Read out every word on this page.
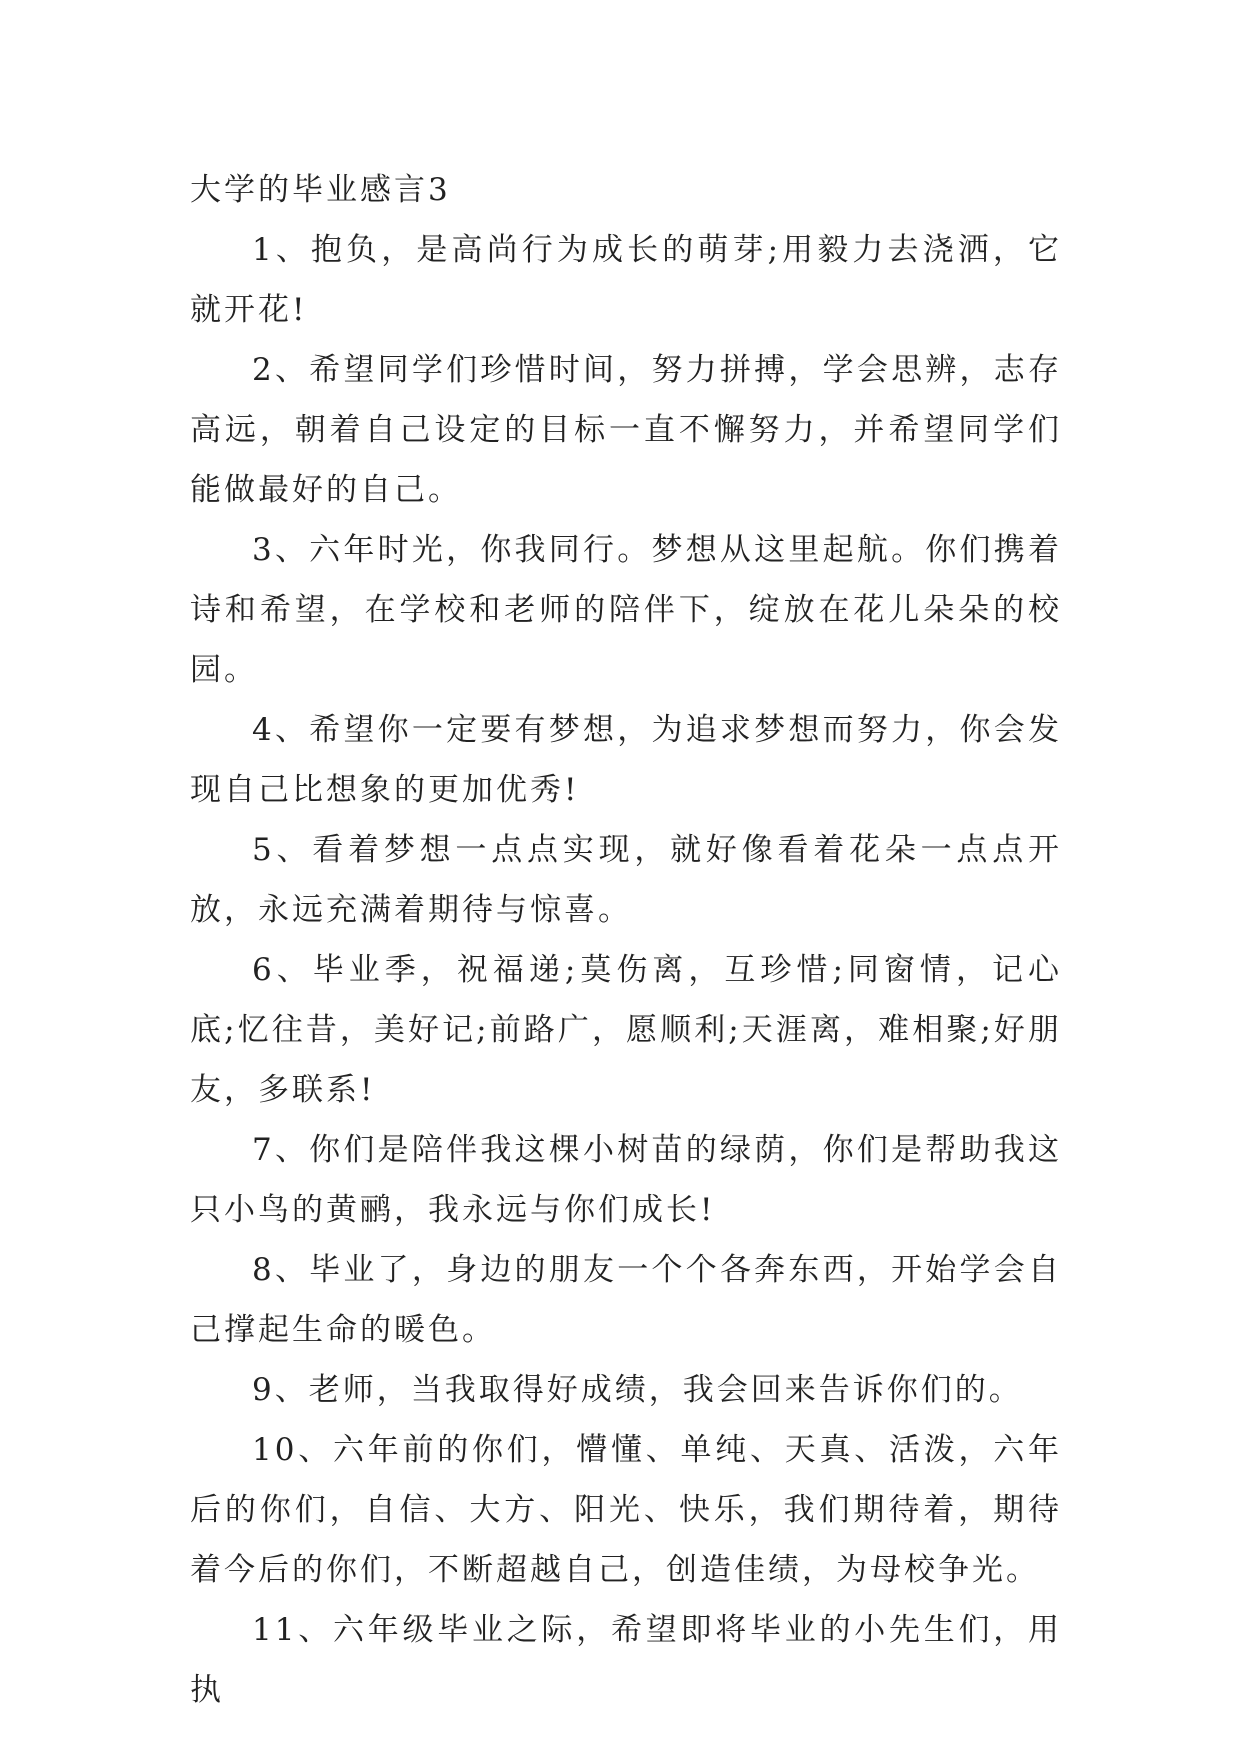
大学的毕业感言3

1、抱负，是高尚行为成长的萌芽;用毅力去浇洒，它就开花!

2、希望同学们珍惜时间，努力拼搏，学会思辨，志存高远，朝着自己设定的目标一直不懈努力，并希望同学们能做最好的自己。

3、六年时光，你我同行。梦想从这里起航。你们携着诗和希望，在学校和老师的陪伴下，绽放在花儿朵朵的校园。

4、希望你一定要有梦想，为追求梦想而努力，你会发现自己比想象的更加优秀!

5、看着梦想一点点实现，就好像看着花朵一点点开放，永远充满着期待与惊喜。

6、毕业季，祝福递;莫伤离，互珍惜;同窗情，记心底;忆往昔，美好记;前路广，愿顺利;天涯离，难相聚;好朋友，多联系!

7、你们是陪伴我这棵小树苗的绿荫，你们是帮助我这只小鸟的黄鹂，我永远与你们成长!

8、毕业了，身边的朋友一个个各奔东西，开始学会自己撑起生命的暖色。

9、老师，当我取得好成绩，我会回来告诉你们的。

10、六年前的你们，懵懂、单纯、天真、活泼，六年后的你们，自信、大方、阳光、快乐，我们期待着，期待着今后的你们，不断超越自己，创造佳绩，为母校争光。

11、六年级毕业之际，希望即将毕业的小先生们，用执
